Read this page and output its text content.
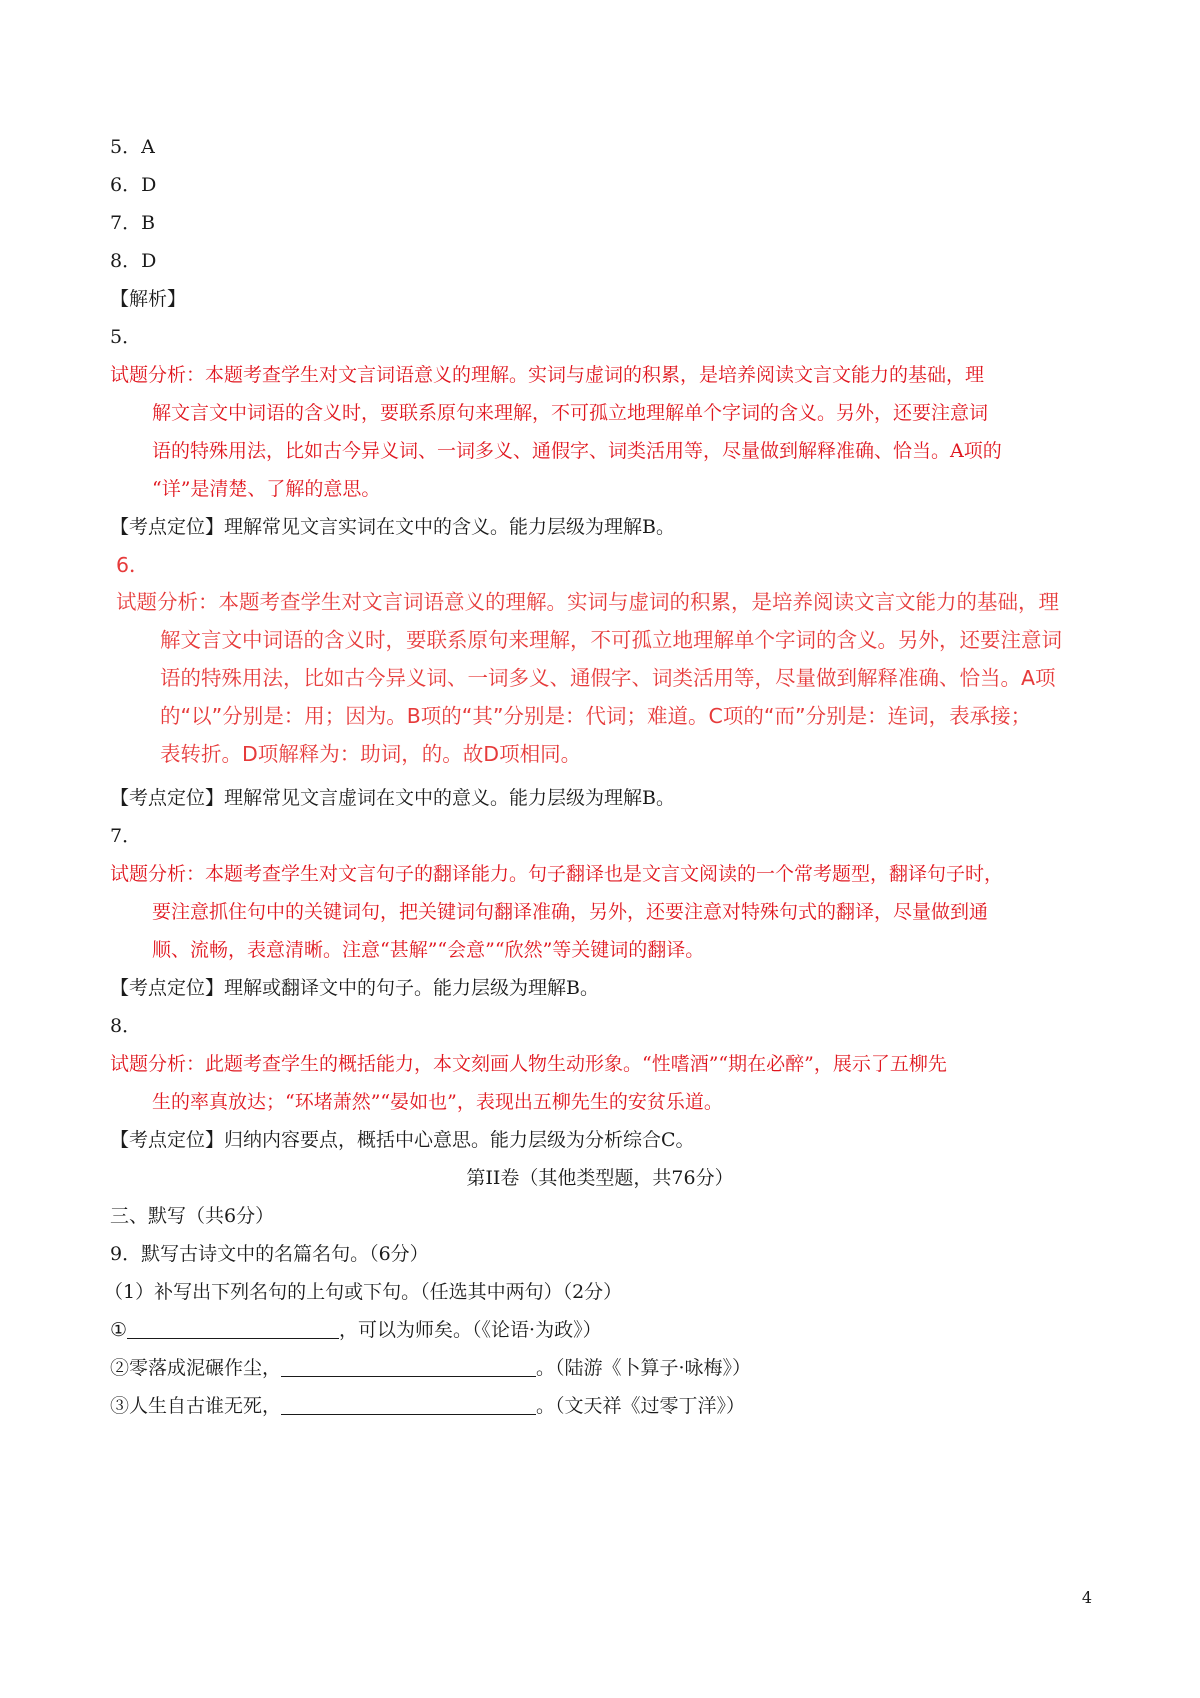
5．A
6．D
7．B
8．D
【解析】
5．
试题分析：本题考查学生对文言词语意义的理解。实词与虚词的积累，是培养阅读文言文能力的基础，理
解文言文中词语的含义时，要联系原句来理解，不可孤立地理解单个字词的含义。另外，还要注意词
语的特殊用法，比如古今异义词、一词多义、通假字、词类活用等，尽量做到解释准确、恰当。A项的
“详”是清楚、了解的意思。
【考点定位】理解常见文言实词在文中的含义。能力层级为理解B。
6．
试题分析：本题考查学生对文言词语意义的理解。实词与虚词的积累，是培养阅读文言文能力的基础，理
解文言文中词语的含义时，要联系原句来理解，不可孤立地理解单个字词的含义。另外，还要注意词
语的特殊用法，比如古今异义词、一词多义、通假字、词类活用等，尽量做到解释准确、恰当。A项
的“以”分别是：用；因为。B项的“其”分别是：代词；难道。C项的“而”分别是：连词，表承接；
表转折。D项解释为：助词，的。故D项相同。
【考点定位】理解常见文言虚词在文中的意义。能力层级为理解B。
7．
试题分析：本题考查学生对文言句子的翻译能力。句子翻译也是文言文阅读的一个常考题型，翻译句子时，
要注意抓住句中的关键词句，把关键词句翻译准确，另外，还要注意对特殊句式的翻译，尽量做到通
顺、流畅，表意清晰。注意“甚解”“会意”“欣然”等关键词的翻译。
【考点定位】理解或翻译文中的句子。能力层级为理解B。
8．
试题分析：此题考查学生的概括能力，本文刻画人物生动形象。“性嗜酒”“期在必醉”，展示了五柳先
生的率真放达；“环堵萧然”“晏如也”，表现出五柳先生的安贫乐道。
【考点定位】归纳内容要点，概括中心意思。能力层级为分析综合C。
第II卷（其他类型题，共76分）
三、默写（共6分）
9．默写古诗文中的名篇名句。（6分）
（1）补写出下列名句的上句或下句。（任选其中两句）（2分）
①	，可以为师矣。（《论语·为政》）
②零落成泥碾作尘，	。（陆游《卜算子·咏梅》）
③人生自古谁无死，	。（文天祥《过零丁洋》）
4
